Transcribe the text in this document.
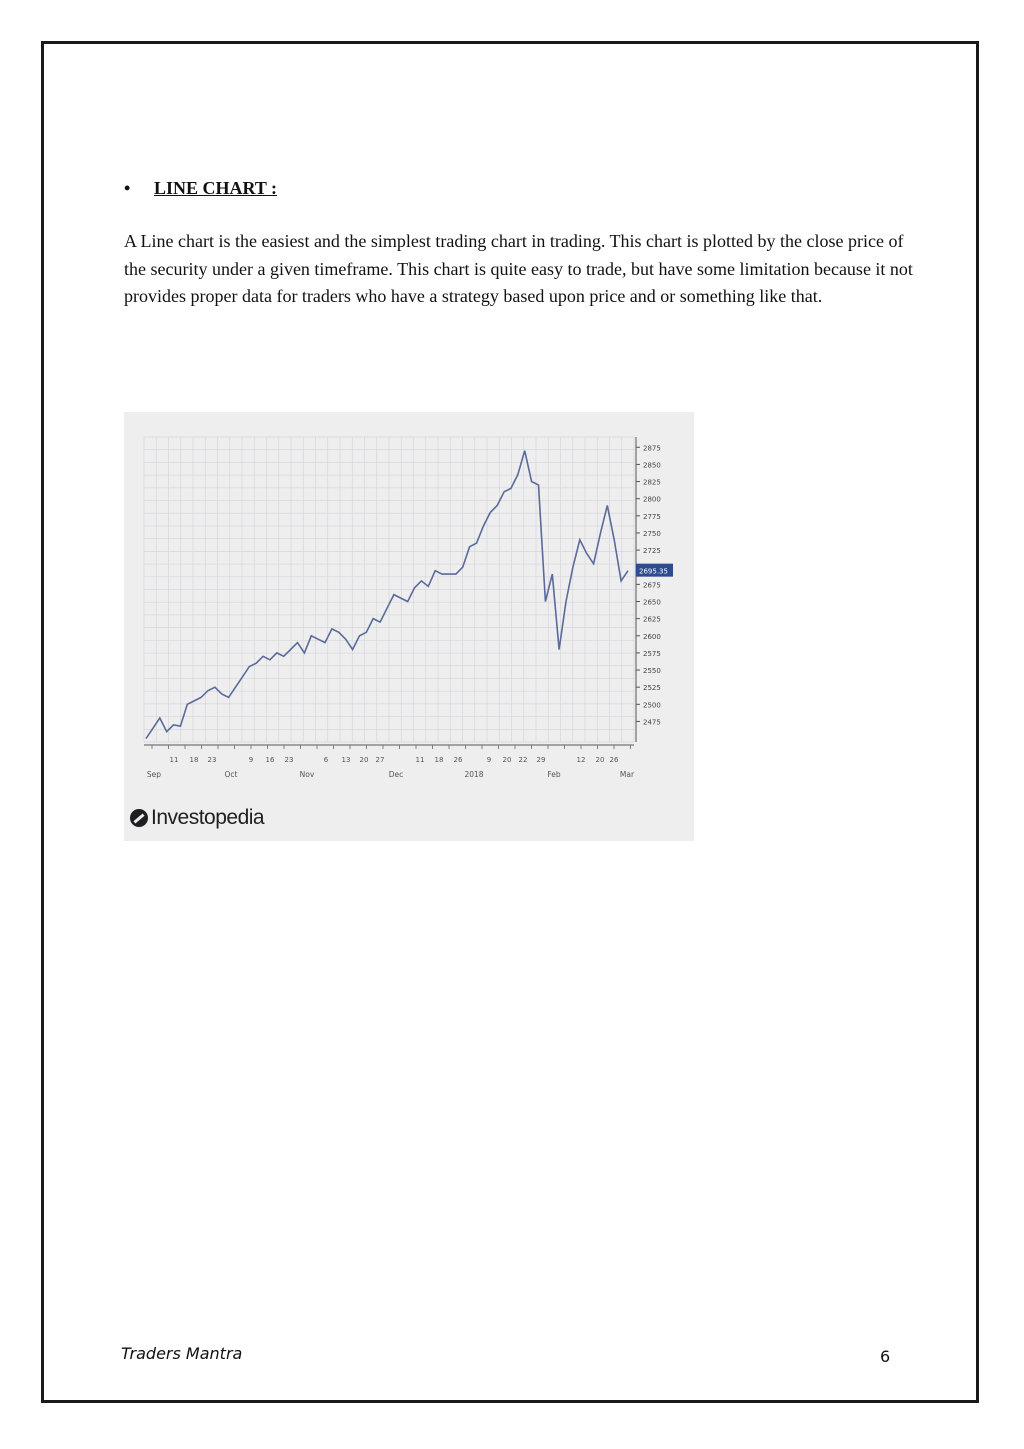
• LINE CHART :
A Line chart is the easiest and the simplest trading chart in trading. This chart is plotted by the close price of the security under a given timeframe. This chart is quite easy to trade, but have some limitation because it not provides proper data for traders who have a strategy based upon price and or something like that.
2875
2850
2825
2800
2775
2750
2725
2675
2650
2625
2600
2575
2550
2525
2500
2475
2695.35
11 18 23	9 16 23	6 13 20 27	11 18 26	9 20 22 29	12 20 26
Sep	Oct	Nov	Dec	2018	Feb	Mar
Investopedia
Traders Mantra	6
